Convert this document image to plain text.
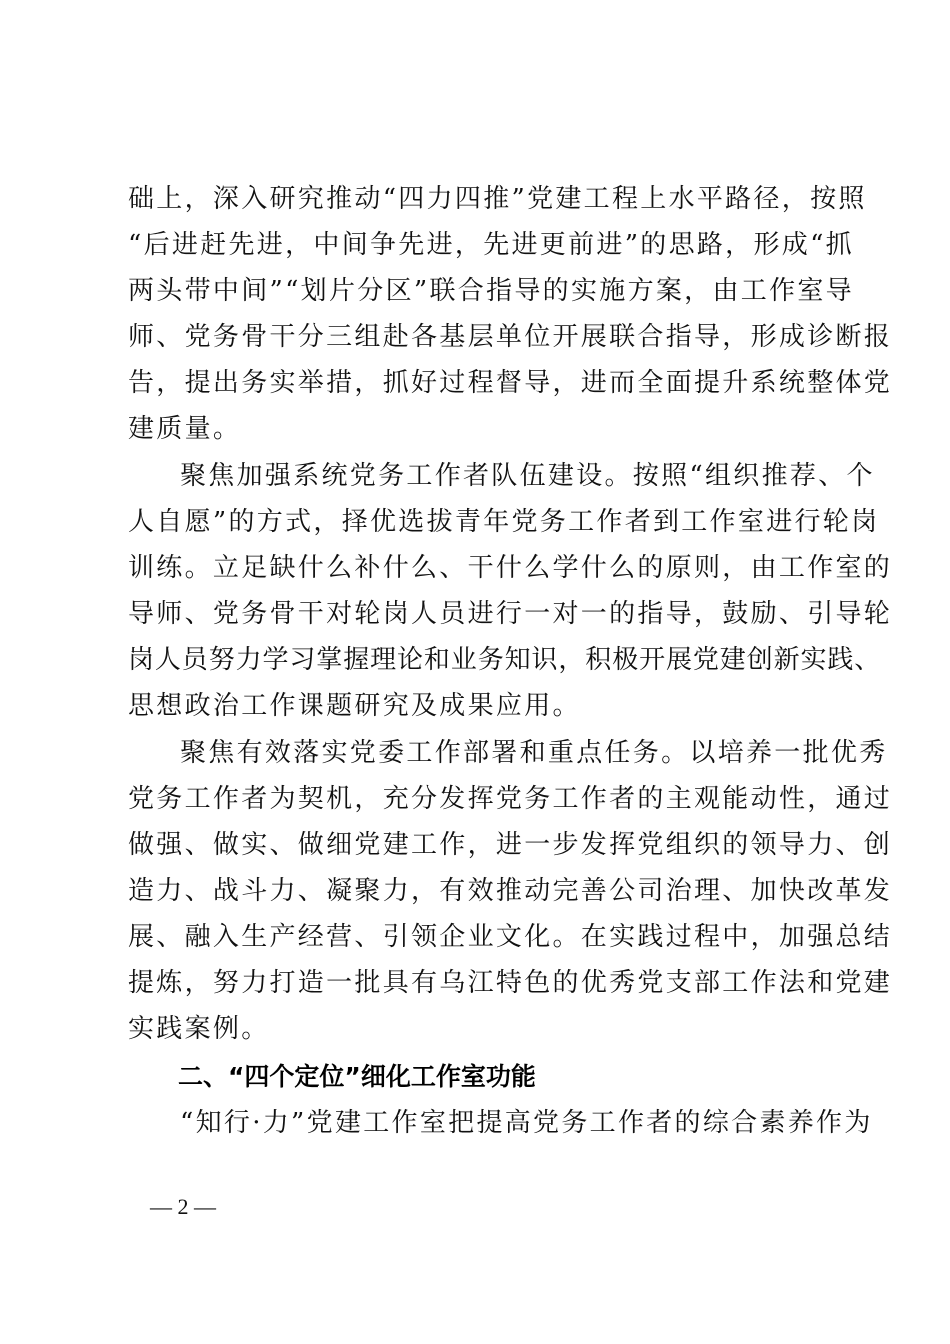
础上，深入研究推动“四力四推”党建工程上水平路径，按照
“后进赶先进，中间争先进，先进更前进”的思路，形成“抓
两头带中间”“划片分区”联合指导的实施方案，由工作室导
师、党务骨干分三组赴各基层单位开展联合指导，形成诊断报
告，提出务实举措，抓好过程督导，进而全面提升系统整体党
建质量。
聚焦加强系统党务工作者队伍建设。按照“组织推荐、个
人自愿”的方式，择优选拔青年党务工作者到工作室进行轮岗
训练。立足缺什么补什么、干什么学什么的原则，由工作室的
导师、党务骨干对轮岗人员进行一对一的指导，鼓励、引导轮
岗人员努力学习掌握理论和业务知识，积极开展党建创新实践、
思想政治工作课题研究及成果应用。
聚焦有效落实党委工作部署和重点任务。以培养一批优秀
党务工作者为契机，充分发挥党务工作者的主观能动性，通过
做强、做实、做细党建工作，进一步发挥党组织的领导力、创
造力、战斗力、凝聚力，有效推动完善公司治理、加快改革发
展、融入生产经营、引领企业文化。在实践过程中，加强总结
提炼，努力打造一批具有乌江特色的优秀党支部工作法和党建
实践案例。
二、“四个定位”细化工作室功能
“知行·力”党建工作室把提高党务工作者的综合素养作为
— 2 —
